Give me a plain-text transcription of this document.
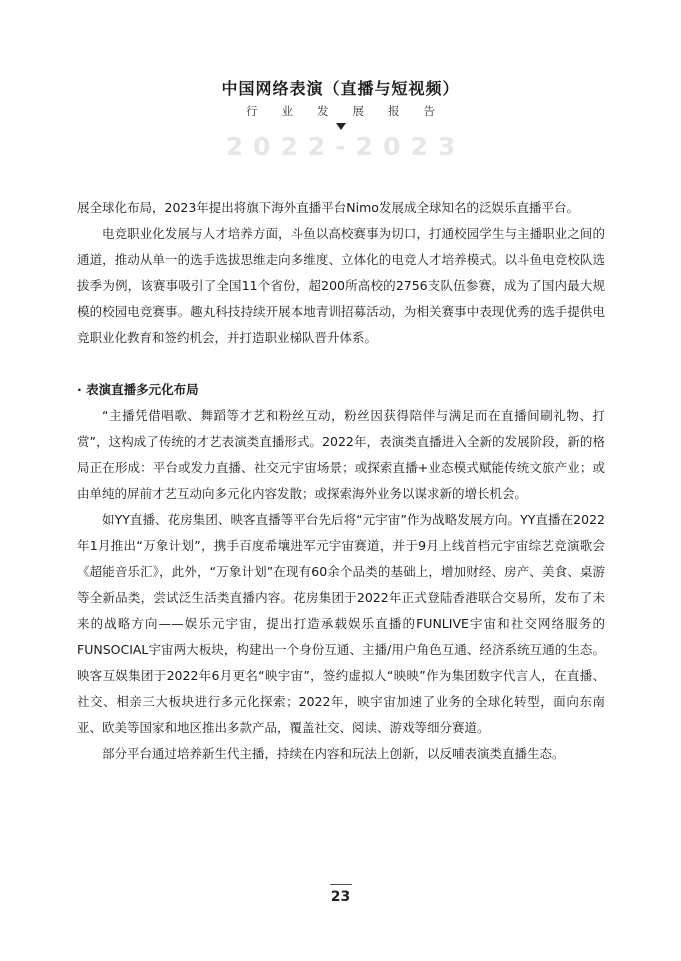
中国网络表演（直播与短视频）
行业发展报告
2022-2023

展全球化布局，2023年提出将旗下海外直播平台Nimo发展成全球知名的泛娱乐直播平台。

电竞职业化发展与人才培养方面，斗鱼以高校赛事为切口，打通校园学生与主播职业之间的通道，推动从单一的选手选拔思维走向多维度、立体化的电竞人才培养模式。以斗鱼电竞校队选拔季为例，该赛事吸引了全国11个省份，超200所高校的2756支队伍参赛，成为了国内最大规模的校园电竞赛事。趣丸科技持续开展本地青训招募活动，为相关赛事中表现优秀的选手提供电竞职业化教育和签约机会，并打造职业梯队晋升体系。

· 表演直播多元化布局

“主播凭借唱歌、舞蹈等才艺和粉丝互动，粉丝因获得陪伴与满足而在直播间刷礼物、打赏”，这构成了传统的才艺表演类直播形式。2022年，表演类直播进入全新的发展阶段，新的格局正在形成：平台或发力直播、社交元宇宙场景；或探索直播+业态模式赋能传统文旅产业；或由单纯的屏前才艺互动向多元化内容发散；或探索海外业务以谋求新的增长机会。

如YY直播、花房集团、映客直播等平台先后将“元宇宙”作为战略发展方向。YY直播在2022年1月推出“万象计划”，携手百度希壤进军元宇宙赛道，并于9月上线首档元宇宙综艺竞演歌会《超能音乐汇》，此外，“万象计划”在现有60余个品类的基础上，增加财经、房产、美食、桌游等全新品类，尝试泛生活类直播内容。花房集团于2022年正式登陆香港联合交易所，发布了未来的战略方向——娱乐元宇宙，提出打造承载娱乐直播的FUNLIVE宇宙和社交网络服务的FUNSOCIAL宇宙两大板块，构建出一个身份互通、主播/用户角色互通、经济系统互通的生态。映客互娱集团于2022年6月更名“映宇宙”，签约虚拟人“映映”作为集团数字代言人，在直播、社交、相亲三大板块进行多元化探索；2022年，映宇宙加速了业务的全球化转型，面向东南亚、欧美等国家和地区推出多款产品，覆盖社交、阅读、游戏等细分赛道。

部分平台通过培养新生代主播，持续在内容和玩法上创新，以反哺表演类直播生态。

23
